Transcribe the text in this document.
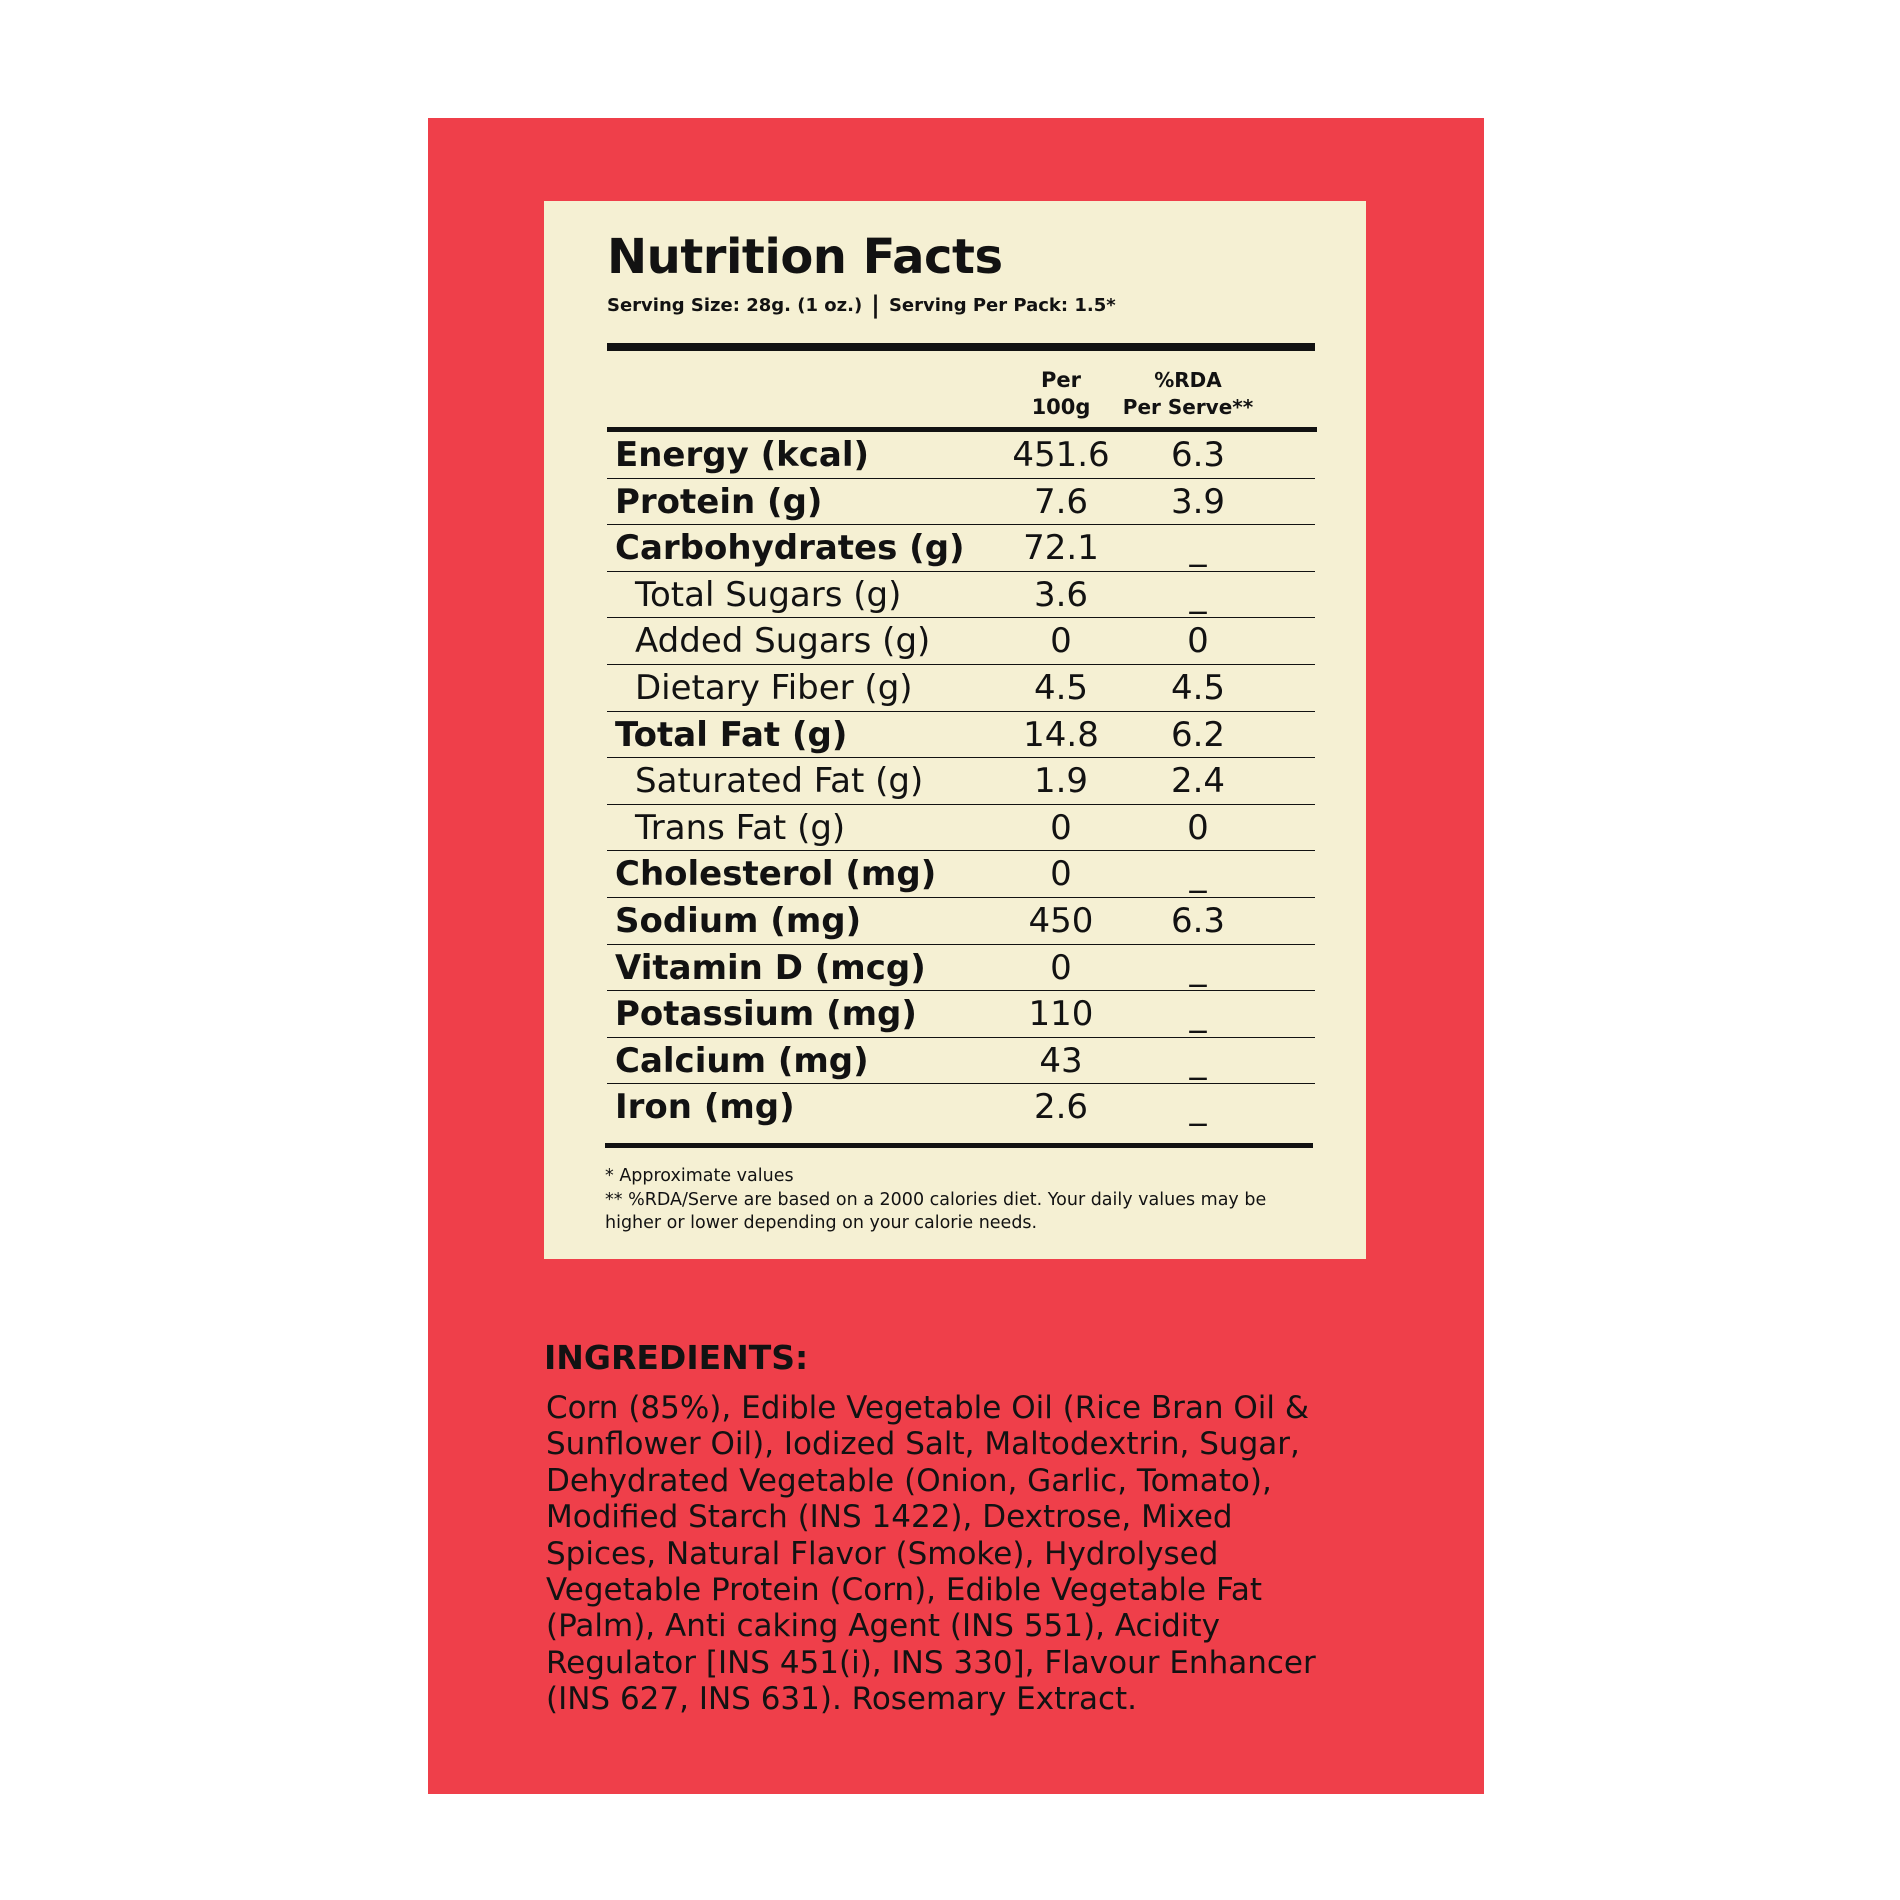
Nutrition Facts
Serving Size: 28g. (1 oz.) | Serving Per Pack: 1.5*
Per
100g
%RDA
Per Serve**
Energy (kcal)	451.6	6.3
Protein (g)	7.6	3.9
Carbohydrates (g)	72.1	_
Total Sugars (g)	3.6	_
Added Sugars (g)	0	0
Dietary Fiber (g)	4.5	4.5
Total Fat (g)	14.8	6.2
Saturated Fat (g)	1.9	2.4
Trans Fat (g)	0	0
Cholesterol (mg)	0	_
Sodium (mg)	450	6.3
Vitamin D (mcg)	0	_
Potassium (mg)	110	_
Calcium (mg)	43	_
Iron (mg)	2.6	_
* Approximate values
** %RDA/Serve are based on a 2000 calories diet. Your daily values may be
higher or lower depending on your calorie needs.
INGREDIENTS:
Corn (85%), Edible Vegetable Oil (Rice Bran Oil &
Sunflower Oil), Iodized Salt, Maltodextrin, Sugar,
Dehydrated Vegetable (Onion, Garlic, Tomato),
Modified Starch (INS 1422), Dextrose, Mixed
Spices, Natural Flavor (Smoke), Hydrolysed
Vegetable Protein (Corn), Edible Vegetable Fat
(Palm), Anti caking Agent (INS 551), Acidity
Regulator [INS 451(i), INS 330], Flavour Enhancer
(INS 627, INS 631). Rosemary Extract.
